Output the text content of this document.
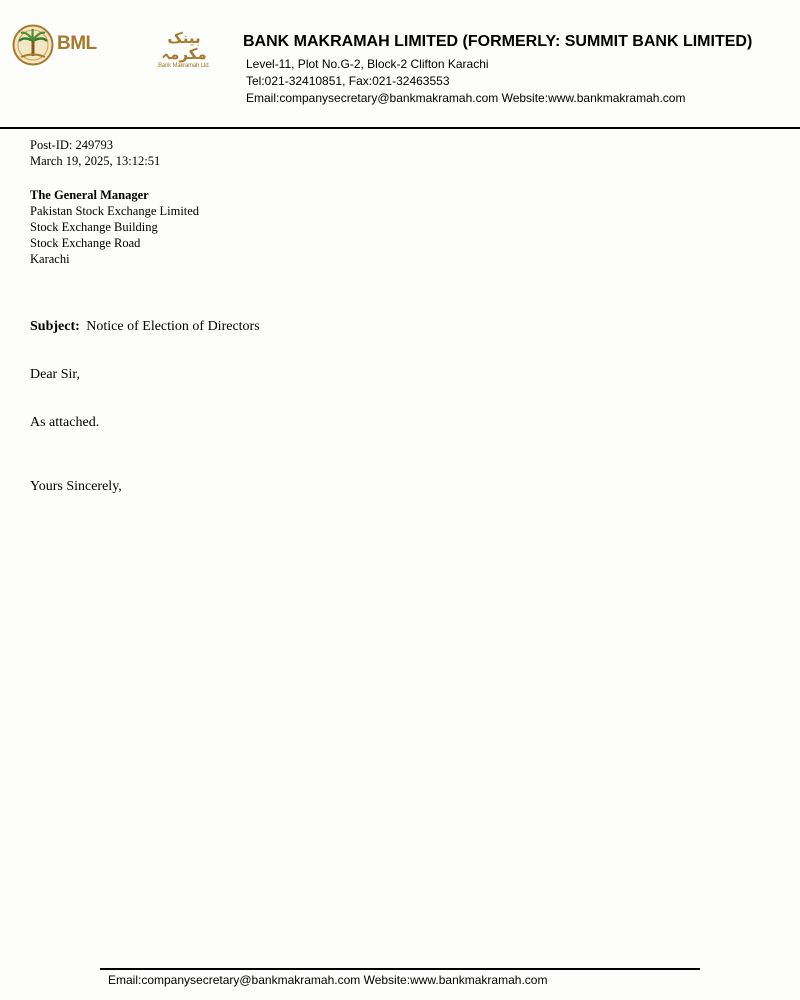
BML	بینک مکرمہ
Bank Makramah Ltd.
BANK MAKRAMAH LIMITED (FORMERLY: SUMMIT BANK LIMITED)
Level-11, Plot No.G-2, Block-2 Clifton Karachi
Tel:021-32410851, Fax:021-32463553
Email:companysecretary@bankmakramah.com Website:www.bankmakramah.com
Post-ID: 249793
March 19, 2025, 13:12:51
The General Manager
Pakistan Stock Exchange Limited
Stock Exchange Building
Stock Exchange Road
Karachi
Subject: Notice of Election of Directors
Dear Sir,
As attached.
Yours Sincerely,
Email:companysecretary@bankmakramah.com Website:www.bankmakramah.com
